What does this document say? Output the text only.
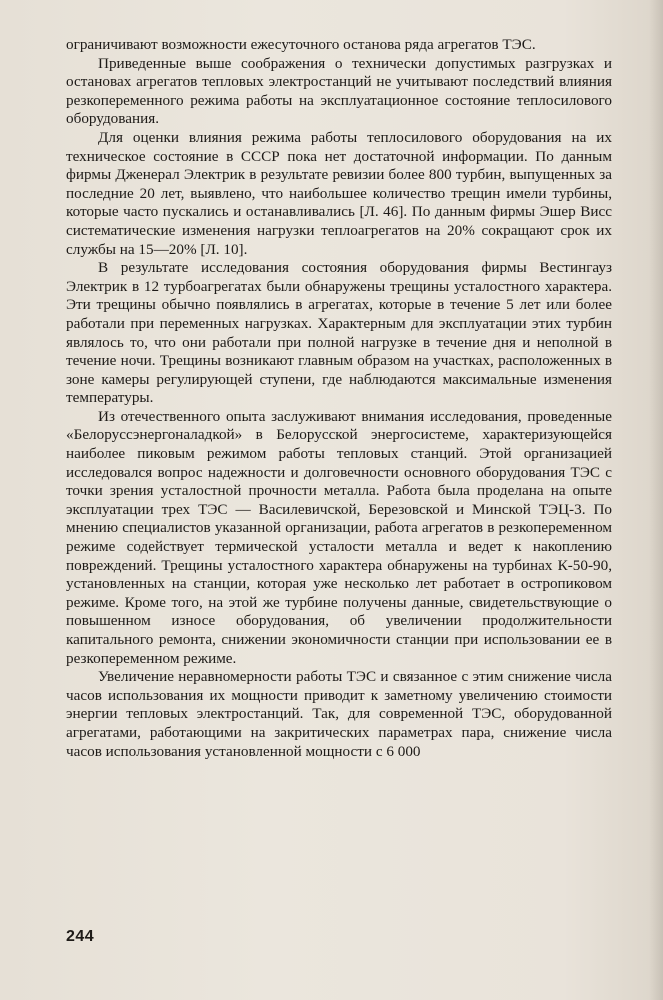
ограничивают возможности ежесуточного останова ряда агрегатов ТЭС.

Приведенные выше соображения о технически допустимых разгрузках и остановах агрегатов тепловых электростанций не учитывают последствий влияния резкопеременного режима работы на эксплуатационное состояние теплосилового оборудования.

Для оценки влияния режима работы теплосилового оборудования на их техническое состояние в СССР пока нет достаточной информации. По данным фирмы Дженерал Электрик в результате ревизии более 800 турбин, выпущенных за последние 20 лет, выявлено, что наибольшее количество трещин имели турбины, которые часто пускались и останавливались [Л. 46]. По данным фирмы Эшер Висс систематические изменения нагрузки теплоагрегатов на 20% сокращают срок их службы на 15—20% [Л. 10].

В результате исследования состояния оборудования фирмы Вестингауз Электрик в 12 турбоагрегатах были обнаружены трещины усталостного характера. Эти трещины обычно появлялись в агрегатах, которые в течение 5 лет или более работали при переменных нагрузках. Характерным для эксплуатации этих турбин являлось то, что они работали при полной нагрузке в течение дня и неполной в течение ночи. Трещины возникают главным образом на участках, расположенных в зоне камеры регулирующей ступени, где наблюдаются максимальные изменения температуры.

Из отечественного опыта заслуживают внимания исследования, проведенные «Белоруссэнергоналадкой» в Белорусской энергосистеме, характеризующейся наиболее пиковым режимом работы тепловых станций. Этой организацией исследовался вопрос надежности и долговечности основного оборудования ТЭС с точки зрения усталостной прочности металла. Работа была проделана на опыте эксплуатации трех ТЭС — Василевичской, Березовской и Минской ТЭЦ-3. По мнению специалистов указанной организации, работа агрегатов в резкопеременном режиме содействует термической усталости металла и ведет к накоплению повреждений. Трещины усталостного характера обнаружены на турбинах К-50-90, установленных на станции, которая уже несколько лет работает в остропиковом режиме. Кроме того, на этой же турбине получены данные, свидетельствующие о повышенном износе оборудования, об увеличении продолжительности капитального ремонта, снижении экономичности станции при использовании ее в резкопеременном режиме.

Увеличение неравномерности работы ТЭС и связанное с этим снижение числа часов использования их мощности приводит к заметному увеличению стоимости энергии тепловых электростанций. Так, для современной ТЭС, оборудованной агрегатами, работающими на закритических параметрах пара, снижение числа часов использования установленной мощности с 6 000

244
